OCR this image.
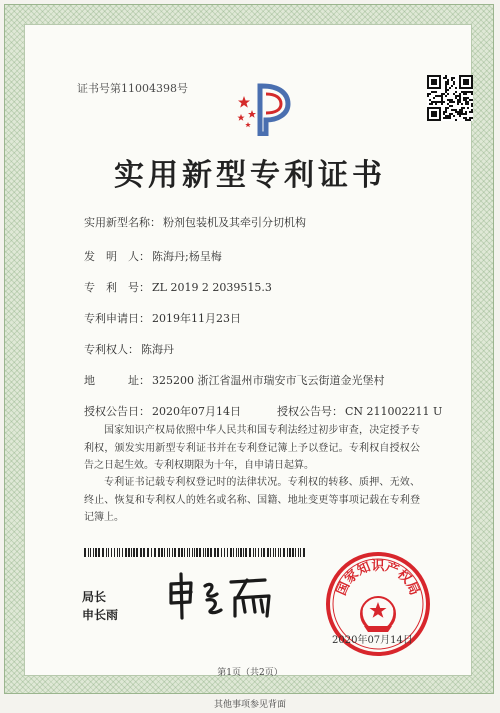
证书号第11004398号
实用新型专利证书
实用新型名称： 粉剂包装机及其牵引分切机构
发　明　人： 陈海丹;杨呈梅
专　利　号： ZL 2019 2 2039515.3
专利申请日： 2019年11月23日
专利权人： 陈海丹
地　　　址： 325200 浙江省温州市瑞安市飞云街道金光堡村
授权公告日： 2020年07月14日	授权公告号： CN 211002211 U
国家知识产权局依照中华人民共和国专利法经过初步审查，决定授予专利权，颁发实用新型专利证书并在专利登记簿上予以登记。专利权自授权公告之日起生效。专利权期限为十年，自申请日起算。
专利证书记载专利权登记时的法律状况。专利权的转移、质押、无效、终止、恢复和专利权人的姓名或名称、国籍、地址变更等事项记载在专利登记簿上。
局长
申长雨
国家知识产权局
2020年07月14日
第1页（共2页）
其他事项参见背面
